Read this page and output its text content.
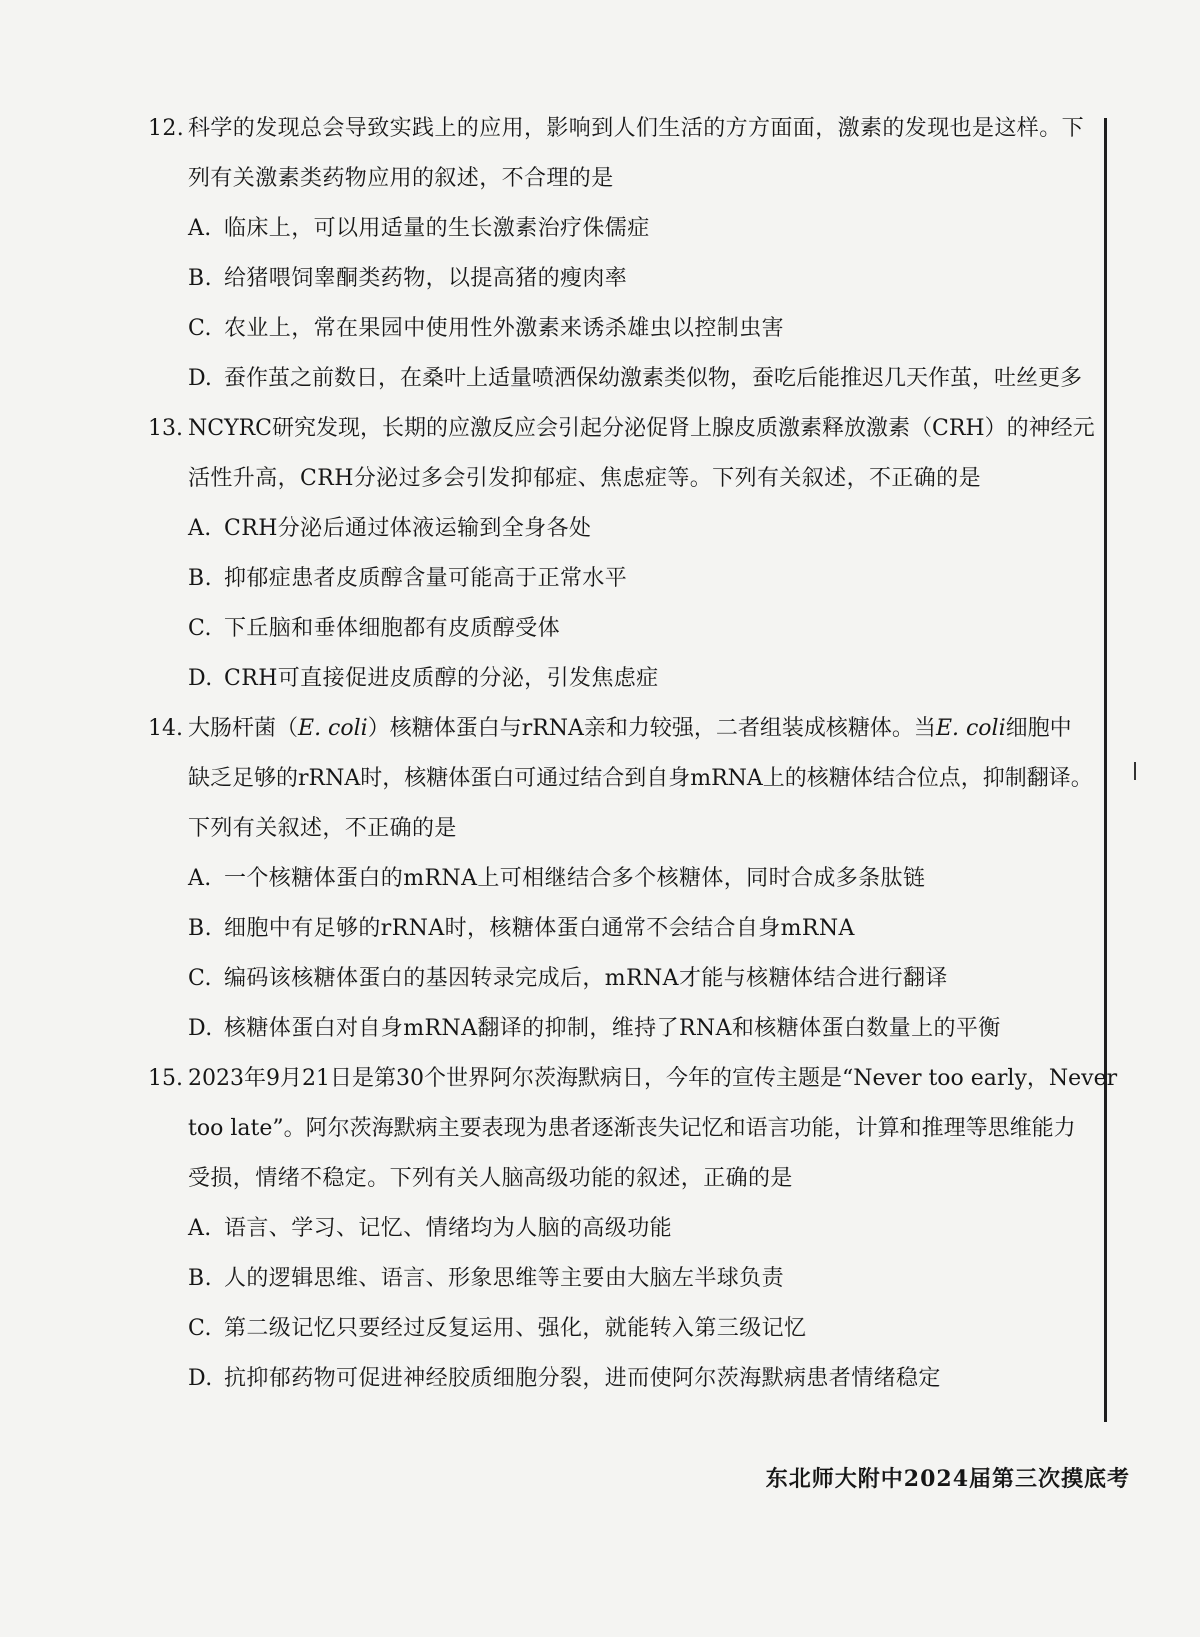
12. 科学的发现总会导致实践上的应用，影响到人们生活的方方面面，激素的发现也是这样。下
列有关激素类药物应用的叙述，不合理的是
A. 临床上，可以用适量的生长激素治疗侏儒症
B. 给猪喂饲睾酮类药物，以提高猪的瘦肉率
C. 农业上，常在果园中使用性外激素来诱杀雄虫以控制虫害
D. 蚕作茧之前数日，在桑叶上适量喷洒保幼激素类似物，蚕吃后能推迟几天作茧，吐丝更多
13. NCYRC研究发现，长期的应激反应会引起分泌促肾上腺皮质激素释放激素（CRH）的神经元
活性升高，CRH分泌过多会引发抑郁症、焦虑症等。下列有关叙述，不正确的是
A. CRH分泌后通过体液运输到全身各处
B. 抑郁症患者皮质醇含量可能高于正常水平
C. 下丘脑和垂体细胞都有皮质醇受体
D. CRH可直接促进皮质醇的分泌，引发焦虑症
14. 大肠杆菌（E. coli）核糖体蛋白与rRNA亲和力较强，二者组装成核糖体。当E. coli细胞中
缺乏足够的rRNA时，核糖体蛋白可通过结合到自身mRNA上的核糖体结合位点，抑制翻译。
下列有关叙述，不正确的是
A. 一个核糖体蛋白的mRNA上可相继结合多个核糖体，同时合成多条肽链
B. 细胞中有足够的rRNA时，核糖体蛋白通常不会结合自身mRNA
C. 编码该核糖体蛋白的基因转录完成后，mRNA才能与核糖体结合进行翻译
D. 核糖体蛋白对自身mRNA翻译的抑制，维持了RNA和核糖体蛋白数量上的平衡
15. 2023年9月21日是第30个世界阿尔茨海默病日，今年的宣传主题是“Never too early，Never
too late”。阿尔茨海默病主要表现为患者逐渐丧失记忆和语言功能，计算和推理等思维能力
受损，情绪不稳定。下列有关人脑高级功能的叙述，正确的是
A. 语言、学习、记忆、情绪均为人脑的高级功能
B. 人的逻辑思维、语言、形象思维等主要由大脑左半球负责
C. 第二级记忆只要经过反复运用、强化，就能转入第三级记忆
D. 抗抑郁药物可促进神经胶质细胞分裂，进而使阿尔茨海默病患者情绪稳定
东北师大附中2024届第三次摸底考
